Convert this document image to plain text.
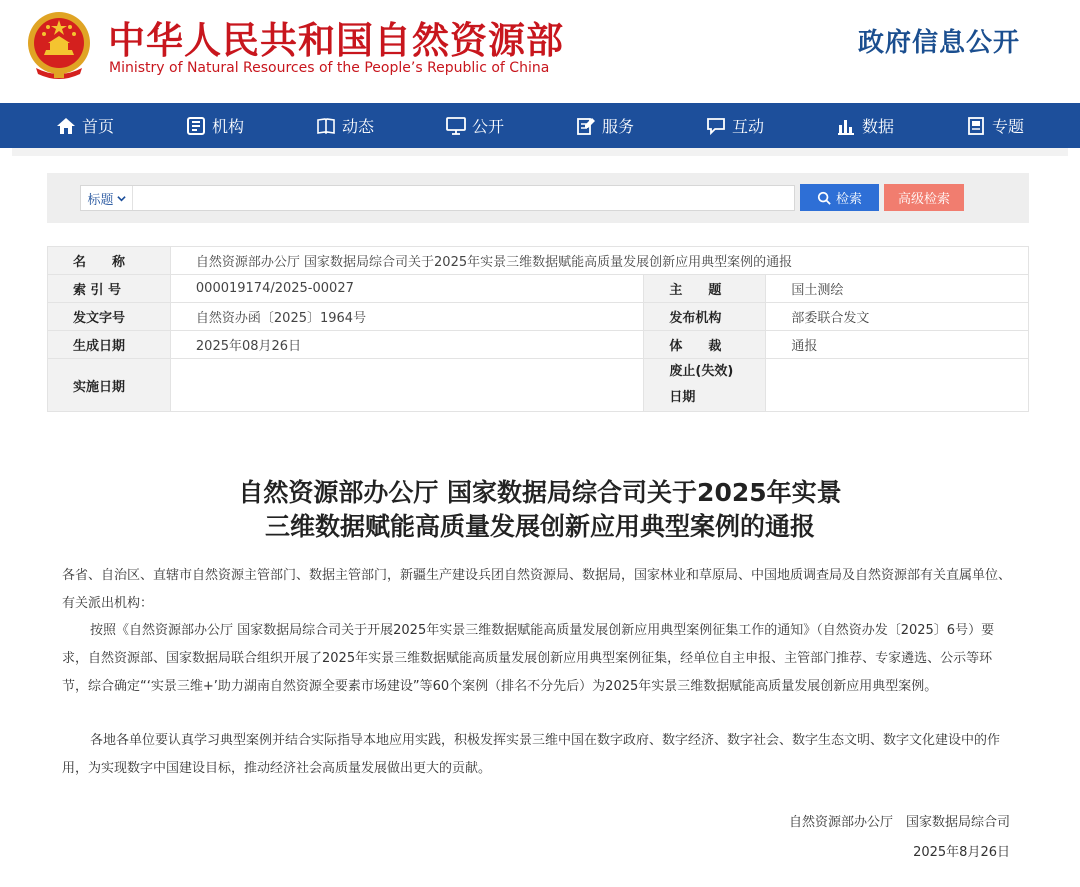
中华人民共和国自然资源部
Ministry of Natural Resources of the People’s Republic of China
政府信息公开
首页	机构	动态	公开	服务	互动	数据	专题
标题	检索	高级检索
名　　称	自然资源部办公厅 国家数据局综合司关于2025年实景三维数据赋能高质量发展创新应用典型案例的通报		
索 引 号	000019174/2025-00027	主　　题	国土测绘
发文字号	自然资办函〔2025〕1964号	发布机构	部委联合发文
生成日期	2025年08月26日	体　　裁	通报
实施日期		废止(失效)
日期	

自然资源部办公厅 国家数据局综合司关于2025年实景
三维数据赋能高质量发展创新应用典型案例的通报
各省、自治区、直辖市自然资源主管部门、数据主管部门，新疆生产建设兵团自然资源局、数据局，国家林业和草原局、中国地质调查局及自然资源部有关直属单位、有关派出机构：
按照《自然资源部办公厅 国家数据局综合司关于开展2025年实景三维数据赋能高质量发展创新应用典型案例征集工作的通知》（自然资办发〔2025〕6号）要求，自然资源部、国家数据局联合组织开展了2025年实景三维数据赋能高质量发展创新应用典型案例征集，经单位自主申报、主管部门推荐、专家遴选、公示等环节，综合确定“‘实景三维+’助力湖南自然资源全要素市场建设”等60个案例（排名不分先后）为2025年实景三维数据赋能高质量发展创新应用典型案例。
各地各单位要认真学习典型案例并结合实际指导本地应用实践，积极发挥实景三维中国在数字政府、数字经济、数字社会、数字生态文明、数字文化建设中的作用，为实现数字中国建设目标，推动经济社会高质量发展做出更大的贡献。
自然资源部办公厅　国家数据局综合司
2025年8月26日
